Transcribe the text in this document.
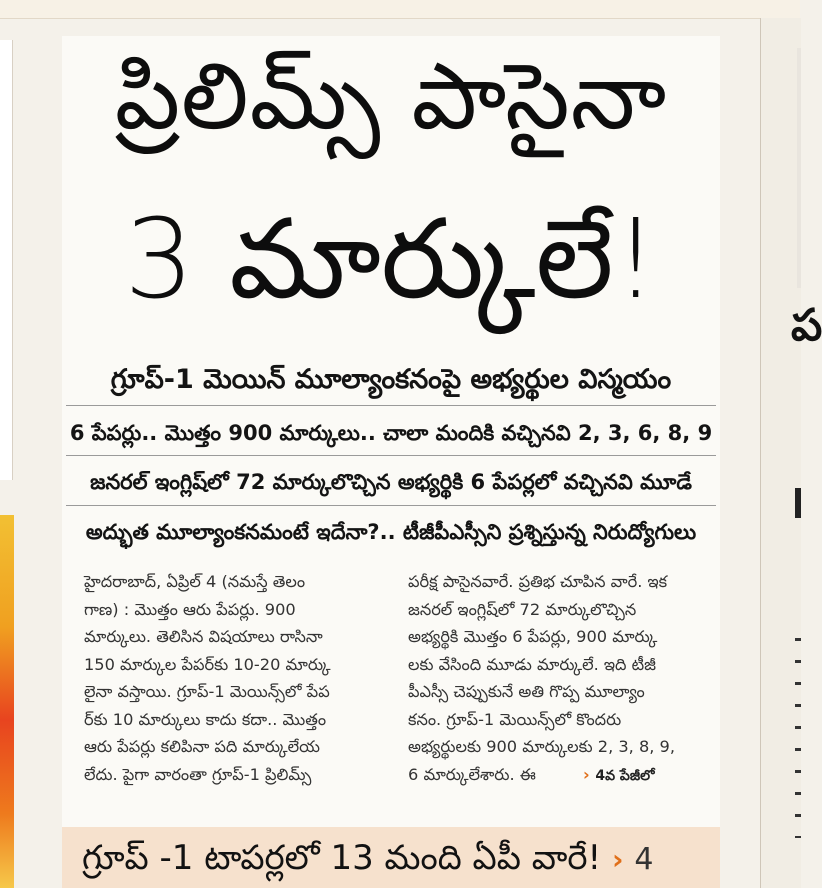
ప
ప్రిలిమ్స్ పాసైనా
3 మార్కులే!
గ్రూప్-1 మెయిన్ మూల్యాంకనంపై అభ్యర్థుల విస్మయం
6 పేపర్లు.. మొత్తం 900 మార్కులు.. చాలా మందికి వచ్చినవి 2, 3, 6, 8, 9
జనరల్ ఇంగ్లిష్‌లో 72 మార్కులొచ్చిన అభ్యర్థికి 6 పేపర్లలో వచ్చినవి మూడే
అద్భుత మూల్యాంకనమంటే ఇదేనా?.. టీజీపీఎస్సీని ప్రశ్నిస్తున్న నిరుద్యోగులు
హైదరాబాద్, ఏప్రిల్ 4 (నమస్తే తెలం
గాణ) : మొత్తం ఆరు పేపర్లు. 900
మార్కులు. తెలిసిన విషయాలు రాసినా
150 మార్కుల పేపర్‌కు 10-20 మార్కు
లైనా వస్తాయి. గ్రూప్-1 మెయిన్స్‌లో పేప
ర్‌కు 10 మార్కులు కాదు కదా.. మొత్తం
ఆరు పేపర్లు కలిపినా పది మార్కులేయ
లేదు. పైగా వారంతా గ్రూప్-1 ప్రిలిమ్స్
పరీక్ష పాసైనవారే. ప్రతిభ చూపిన వారే. ఇక
జనరల్ ఇంగ్లిష్‌లో 72 మార్కులొచ్చిన
అభ్యర్థికి మొత్తం 6 పేపర్లు, 900 మార్కు
లకు వేసింది మూడు మార్కులే. ఇది టీజీ
పీఎస్సీ చెప్పుకునే అతి గొప్ప మూల్యాం
కనం. గ్రూప్-1 మెయిన్స్‌లో కొందరు
అభ్యర్థులకు 900 మార్కులకు 2, 3, 8, 9,
6 మార్కులేశారు. ఈ	› 4వ పేజీలో
గ్రూప్ -1 టాపర్లలో 13 మంది ఏపీ వారే! › 4
